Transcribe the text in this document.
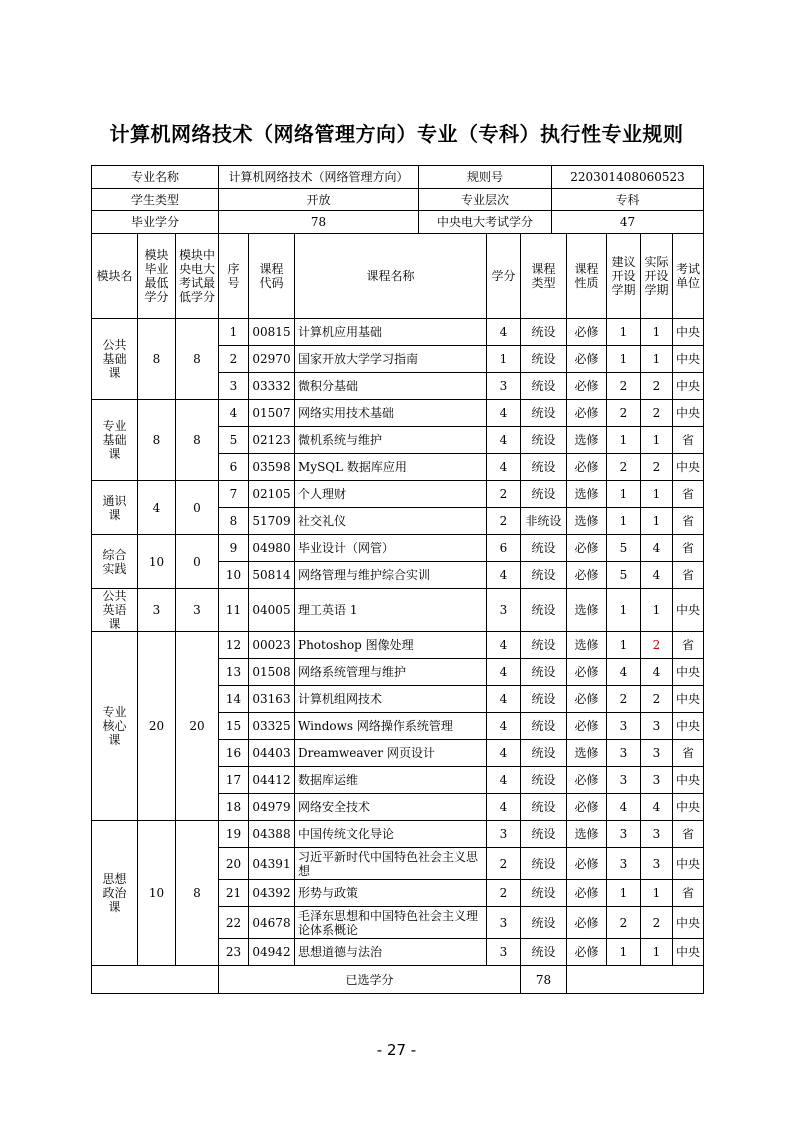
计算机网络技术（网络管理方向）专业（专科）执行性专业规则
专业名称	计算机网络技术（网络管理方向）	规则号	220301408060523
学生类型	开放	专业层次	专科
毕业学分	78	中央电大考试学分	47
模块名	模块毕业最低学分	模块中央电大考试最低学分	序号	课程代码	课程名称	学分	课程类型	课程性质	建议开设学期	实际开设学期	考试单位
公共基础课	8	8	1	00815	计算机应用基础	4	统设	必修	1	1	中央
			2	02970	国家开放大学学习指南	1	统设	必修	1	1	中央
			3	03332	微积分基础	3	统设	必修	2	2	中央
专业基础课	8	8	4	01507	网络实用技术基础	4	统设	必修	2	2	中央
			5	02123	微机系统与维护	4	统设	选修	1	1	省
			6	03598	MySQL 数据库应用	4	统设	必修	2	2	中央
通识课	4	0	7	02105	个人理财	2	统设	选修	1	1	省
			8	51709	社交礼仪	2	非统设	选修	1	1	省
综合实践	10	0	9	04980	毕业设计（网管）	6	统设	必修	5	4	省
			10	50814	网络管理与维护综合实训	4	统设	必修	5	4	省
公共英语课	3	3	11	04005	理工英语 1	3	统设	选修	1	1	中央
专业核心课	20	20	12	00023	Photoshop 图像处理	4	统设	选修	1	2	省
			13	01508	网络系统管理与维护	4	统设	必修	4	4	中央
			14	03163	计算机组网技术	4	统设	必修	2	2	中央
			15	03325	Windows 网络操作系统管理	4	统设	必修	3	3	中央
			16	04403	Dreamweaver 网页设计	4	统设	选修	3	3	省
			17	04412	数据库运维	4	统设	必修	3	3	中央
			18	04979	网络安全技术	4	统设	必修	4	4	中央
思想政治课	10	8	19	04388	中国传统文化导论	3	统设	选修	3	3	省
			20	04391	习近平新时代中国特色社会主义思想	2	统设	必修	3	3	中央
			21	04392	形势与政策	2	统设	必修	1	1	省
			22	04678	毛泽东思想和中国特色社会主义理论体系概论	3	统设	必修	2	2	中央
			23	04942	思想道德与法治	3	统设	必修	1	1	中央
			已选学分				78				
- 27 -
